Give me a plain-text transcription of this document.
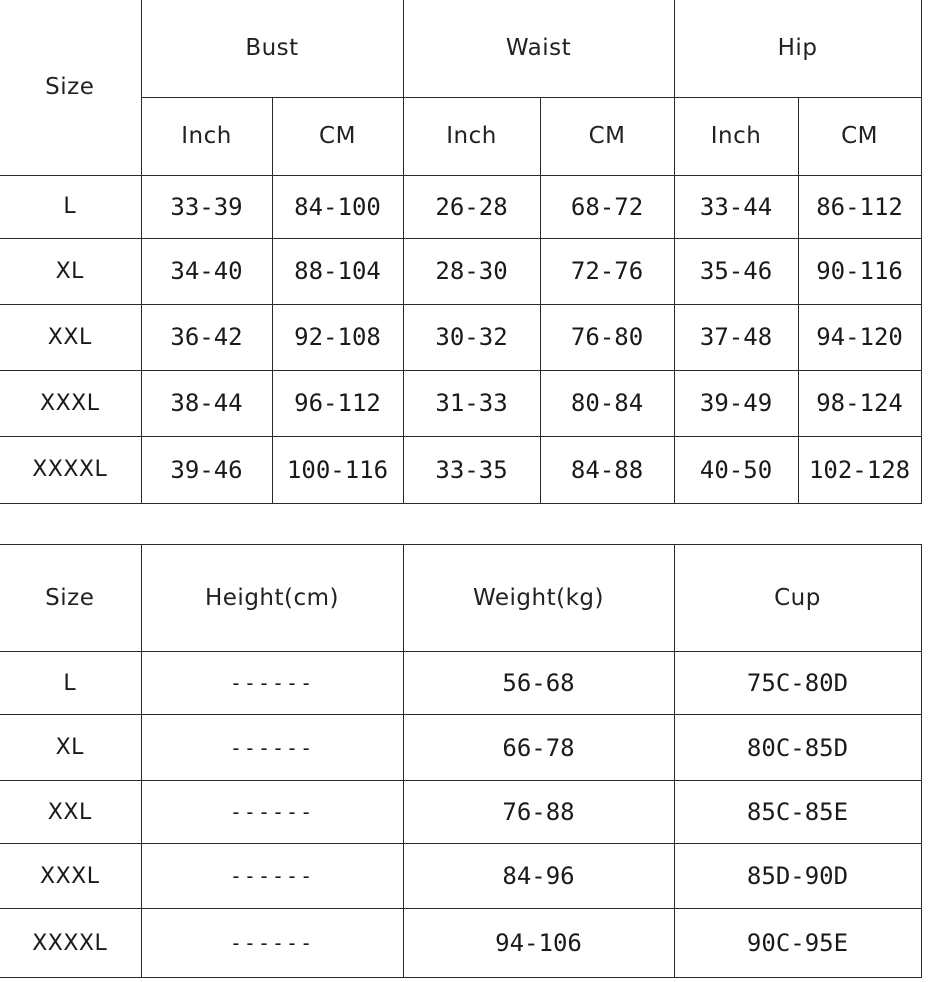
Size	Bust		Waist		Hip	
	Inch	CM	Inch	CM	Inch	CM
L	33-39	84-100	26-28	68-72	33-44	86-112
XL	34-40	88-104	28-30	72-76	35-46	90-116
XXL	36-42	92-108	30-32	76-80	37-48	94-120
XXXL	38-44	96-112	31-33	80-84	39-49	98-124
XXXXL	39-46	100-116	33-35	84-88	40-50	102-128
Size	Height(cm)	Weight(kg)	Cup
L	------	56-68	75C-80D
XL	------	66-78	80C-85D
XXL	------	76-88	85C-85E
XXXL	------	84-96	85D-90D
XXXXL	------	94-106	90C-95E
